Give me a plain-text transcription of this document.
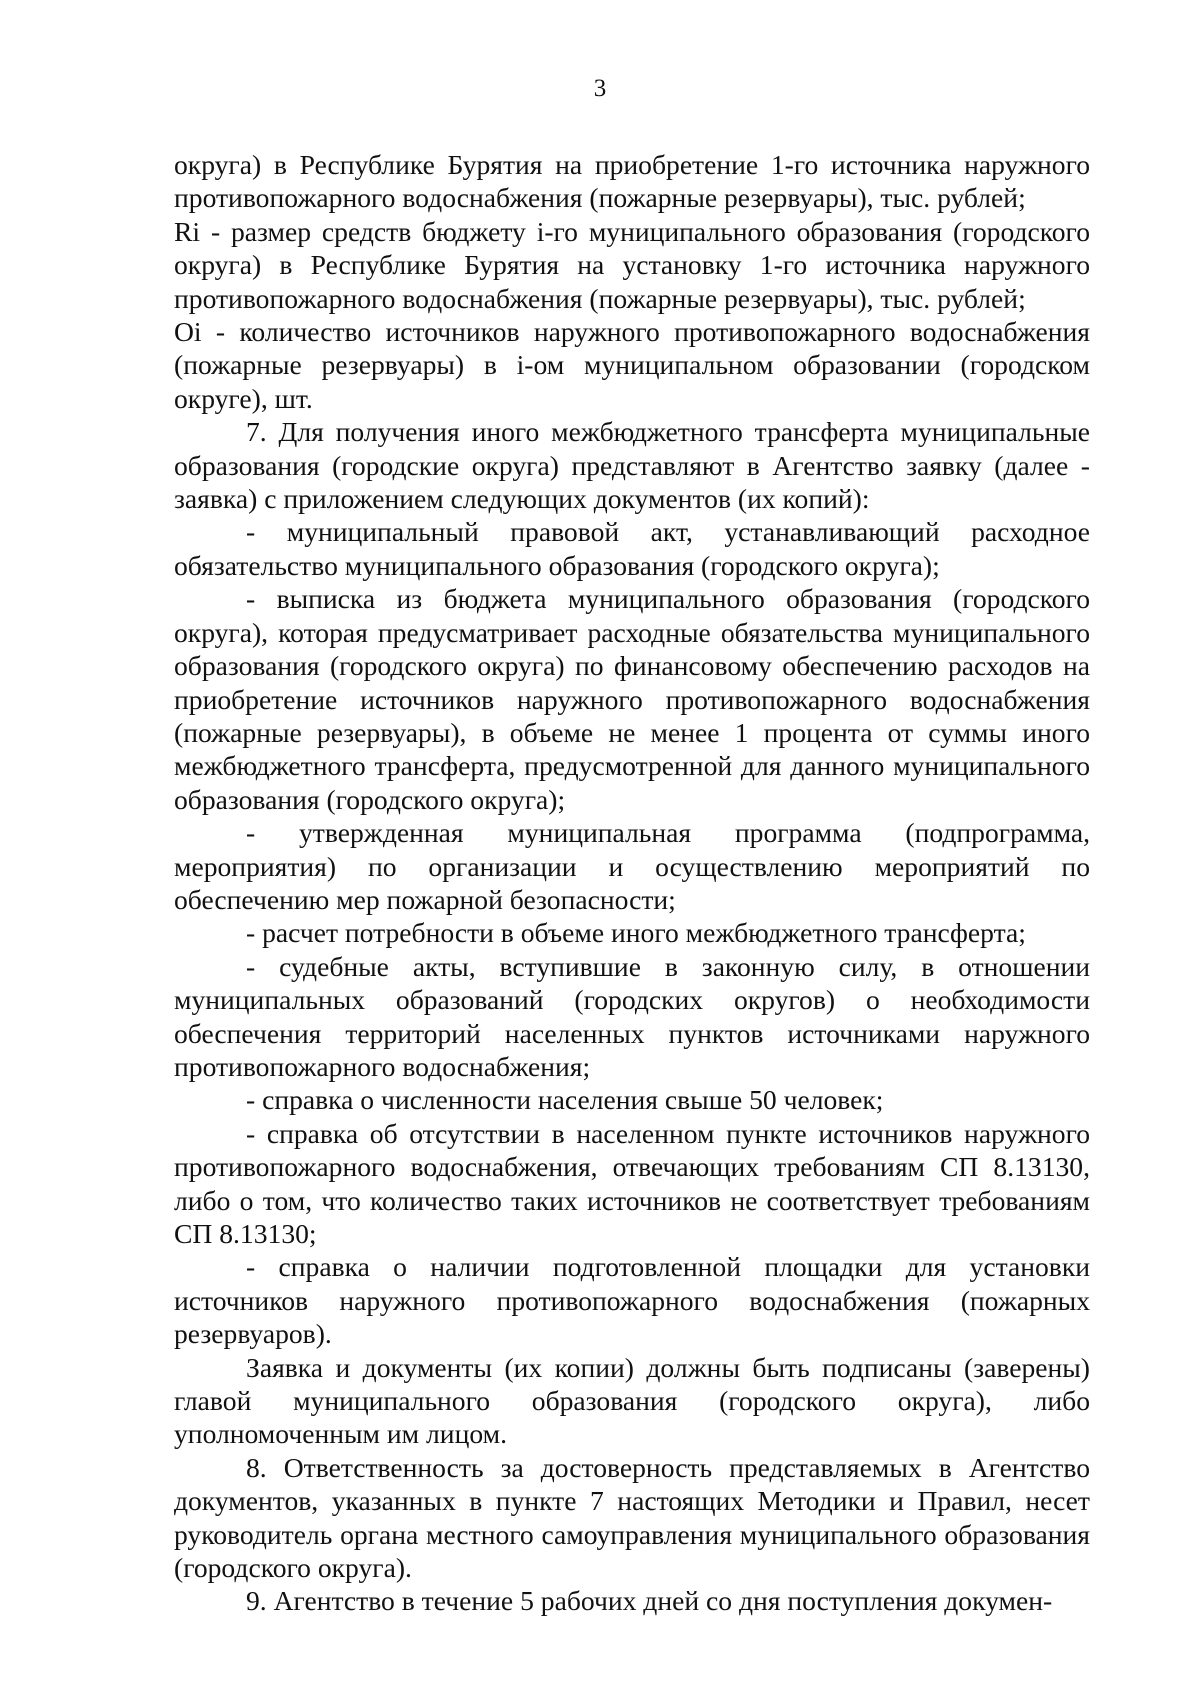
3

округа) в Республике Бурятия на приобретение 1-го источника наружного противопожарного водоснабжения (пожарные резервуары), тыс. рублей;

Ri - размер средств бюджету i-го муниципального образования (городского округа) в Республике Бурятия на установку 1-го источника наружного противопожарного водоснабжения (пожарные резервуары), тыс. рублей;

Oi - количество источников наружного противопожарного водоснабжения (пожарные резервуары) в i-ом муниципальном образовании (городском округе), шт.

7. Для получения иного межбюджетного трансферта муниципальные образования (городские округа) представляют в Агентство заявку (далее - заявка) с приложением следующих документов (их копий):

- муниципальный правовой акт, устанавливающий расходное обязательство муниципального образования (городского округа);

- выписка из бюджета муниципального образования (городского округа), которая предусматривает расходные обязательства муниципального образования (городского округа) по финансовому обеспечению расходов на приобретение источников наружного противопожарного водоснабжения (пожарные резервуары), в объеме не менее 1 процента от суммы иного межбюджетного трансферта, предусмотренной для данного муниципального образования (городского округа);

- утвержденная муниципальная программа (подпрограмма, мероприятия) по организации и осуществлению мероприятий по обеспечению мер пожарной безопасности;

- расчет потребности в объеме иного межбюджетного трансферта;

- судебные акты, вступившие в законную силу, в отношении муниципальных образований (городских округов) о необходимости обеспечения территорий населенных пунктов источниками наружного противопожарного водоснабжения;

- справка о численности населения свыше 50 человек;

- справка об отсутствии в населенном пункте источников наружного противопожарного водоснабжения, отвечающих требованиям СП 8.13130, либо о том, что количество таких источников не соответствует требованиям СП 8.13130;

- справка о наличии подготовленной площадки для установки источников наружного противопожарного водоснабжения (пожарных резервуаров).

Заявка и документы (их копии) должны быть подписаны (заверены) главой муниципального образования (городского округа), либо уполномоченным им лицом.

8. Ответственность за достоверность представляемых в Агентство документов, указанных в пункте 7 настоящих Методики и Правил, несет руководитель органа местного самоуправления муниципального образования (городского округа).

9. Агентство в течение 5 рабочих дней со дня поступления докумен-
